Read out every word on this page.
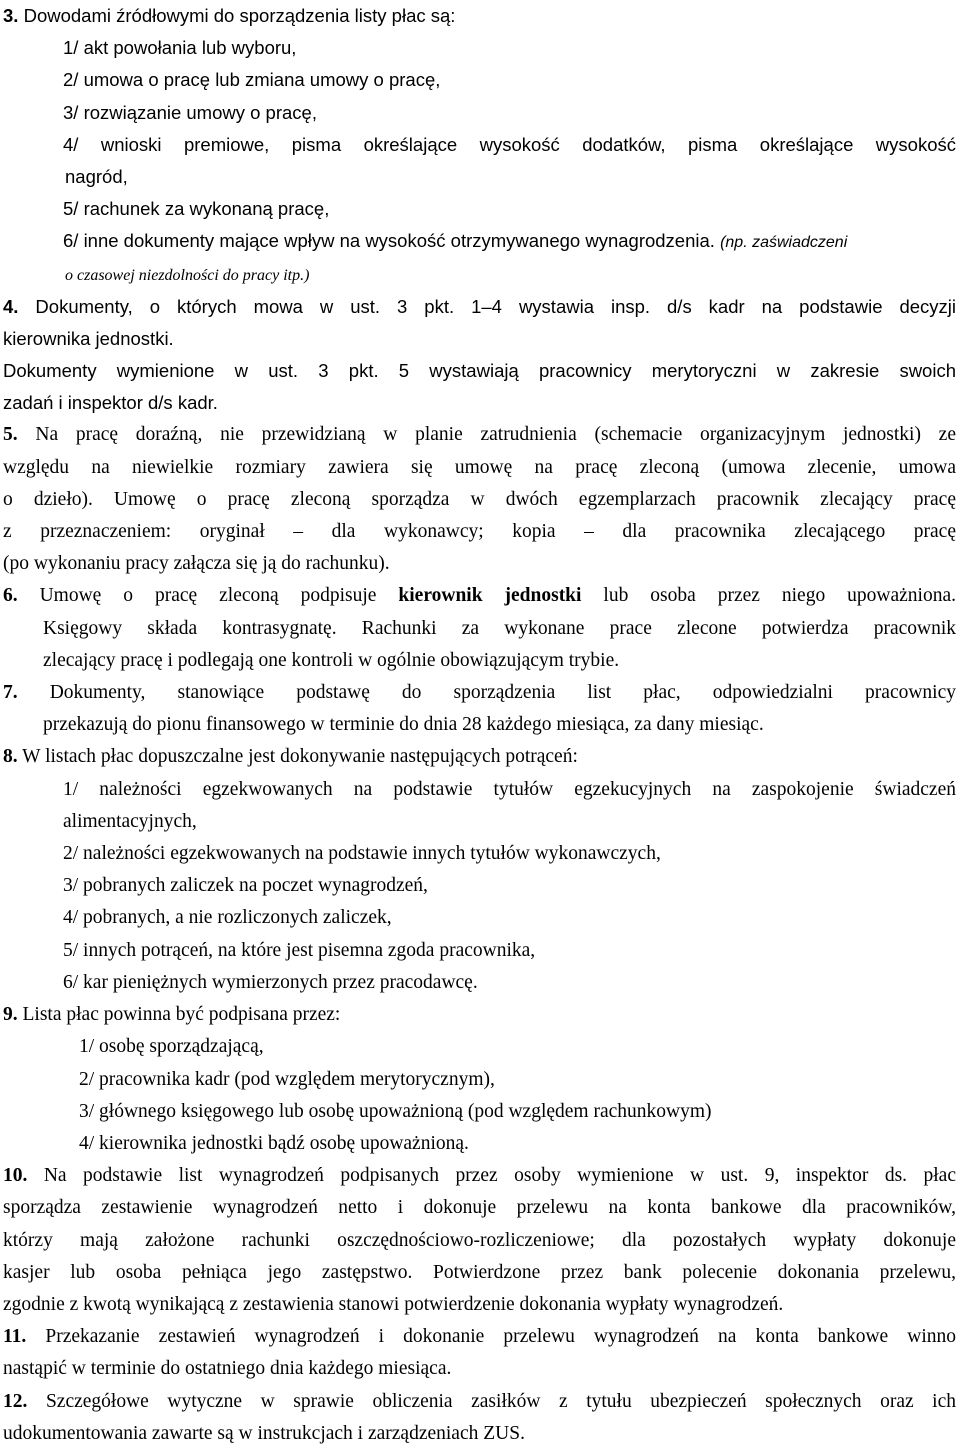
3. Dowodami źródłowymi do sporządzenia listy płac są:

1/ akt powołania lub wyboru,

2/ umowa o pracę lub zmiana umowy o pracę,

3/ rozwiązanie umowy o pracę,

4/ wnioski premiowe, pisma określające wysokość dodatków, pisma określające wysokość

nagród,

5/ rachunek za wykonaną pracę,

6/ inne dokumenty mające wpływ na wysokość otrzymywanego wynagrodzenia. (np. zaświadczeni

o czasowej niezdolności do pracy itp.)

4. Dokumenty, o których mowa w ust. 3 pkt. 1–4 wystawia insp. d/s kadr na podstawie decyzji

kierownika jednostki.

Dokumenty wymienione w ust. 3 pkt. 5 wystawiają pracownicy merytoryczni w zakresie swoich

zadań i inspektor d/s kadr.

5. Na pracę doraźną, nie przewidzianą w planie zatrudnienia (schemacie organizacyjnym jednostki) ze

względu na niewielkie rozmiary zawiera się umowę na pracę zleconą (umowa zlecenie, umowa

o dzieło). Umowę o pracę zleconą sporządza w dwóch egzemplarzach pracownik zlecający pracę

z przeznaczeniem: oryginał – dla wykonawcy; kopia – dla pracownika zlecającego pracę

(po wykonaniu pracy załącza się ją do rachunku).

6. Umowę o pracę zleconą podpisuje kierownik jednostki lub osoba przez niego upoważniona.

Księgowy składa kontrasygnatę. Rachunki za wykonane prace zlecone potwierdza pracownik

zlecający pracę i podlegają one kontroli w ogólnie obowiązującym trybie.

7. Dokumenty, stanowiące podstawę do sporządzenia list płac, odpowiedzialni pracownicy

przekazują do pionu finansowego w terminie do dnia 28 każdego miesiąca, za dany miesiąc.

8. W listach płac dopuszczalne jest dokonywanie następujących potrąceń:

1/ należności egzekwowanych na podstawie tytułów egzekucyjnych na zaspokojenie świadczeń

alimentacyjnych,

2/ należności egzekwowanych na podstawie innych tytułów wykonawczych,

3/ pobranych zaliczek na poczet wynagrodzeń,

4/ pobranych, a nie rozliczonych zaliczek,

5/ innych potrąceń, na które jest pisemna zgoda pracownika,

6/ kar pieniężnych wymierzonych przez pracodawcę.

9. Lista płac powinna być podpisana przez:

1/ osobę sporządzającą,

2/ pracownika kadr (pod względem merytorycznym),

3/ głównego księgowego lub osobę upoważnioną (pod względem rachunkowym)

4/ kierownika jednostki bądź osobę upoważnioną.

10. Na podstawie list wynagrodzeń podpisanych przez osoby wymienione w ust. 9, inspektor ds. płac

sporządza zestawienie wynagrodzeń netto i dokonuje przelewu na konta bankowe dla pracowników,

którzy mają założone rachunki oszczędnościowo-rozliczeniowe; dla pozostałych wypłaty dokonuje

kasjer lub osoba pełniąca jego zastępstwo. Potwierdzone przez bank polecenie dokonania przelewu,

zgodnie z kwotą wynikającą z zestawienia stanowi potwierdzenie dokonania wypłaty wynagrodzeń.

11. Przekazanie zestawień wynagrodzeń i dokonanie przelewu wynagrodzeń na konta bankowe winno

nastąpić w terminie do ostatniego dnia każdego miesiąca.

12. Szczegółowe wytyczne w sprawie obliczenia zasiłków z tytułu ubezpieczeń społecznych oraz ich

udokumentowania zawarte są w instrukcjach i zarządzeniach ZUS.
